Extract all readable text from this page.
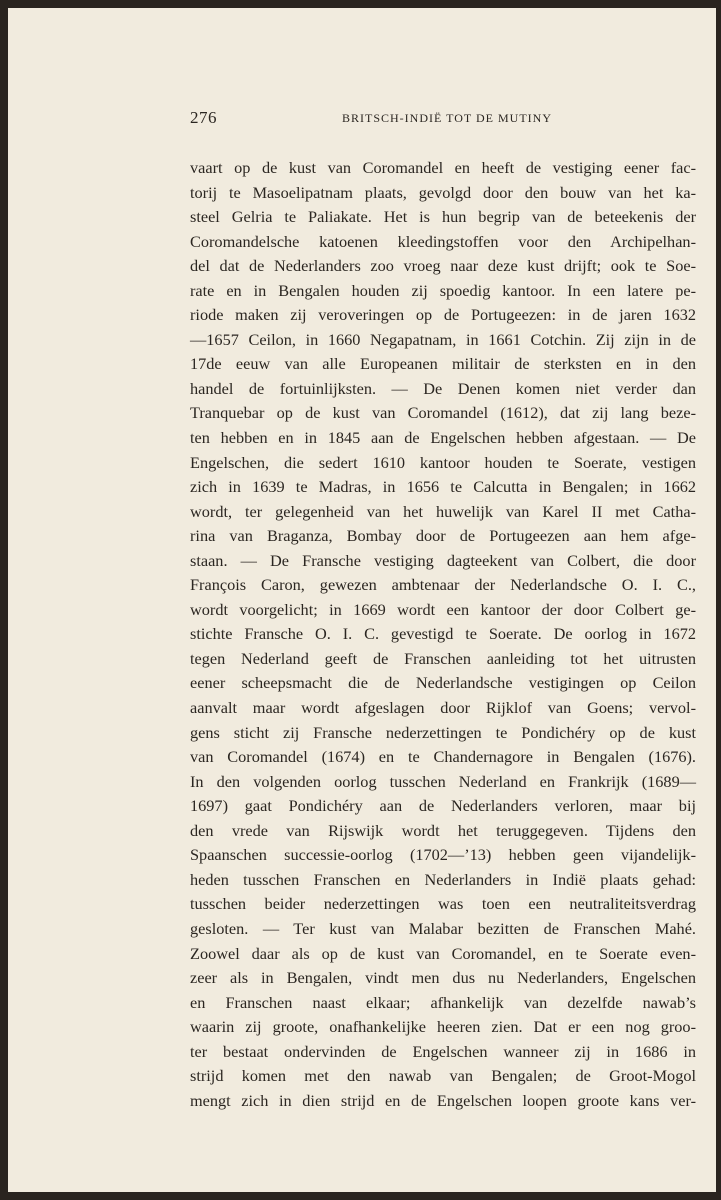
276	BRITSCH-INDIË TOT DE MUTINY
vaart op de kust van Coromandel en heeft de vestiging eener fac-
torij te Masoelipatnam plaats, gevolgd door den bouw van het ka-
steel Gelria te Paliakate. Het is hun begrip van de beteekenis der
Coromandelsche katoenen kleedingstoffen voor den Archipelhan-
del dat de Nederlanders zoo vroeg naar deze kust drijft; ook te Soe-
rate en in Bengalen houden zij spoedig kantoor. In een latere pe-
riode maken zij veroveringen op de Portugeezen: in de jaren 1632
—1657 Ceilon, in 1660 Negapatnam, in 1661 Cotchin. Zij zijn in de
17de eeuw van alle Europeanen militair de sterksten en in den
handel de fortuinlijksten. — De Denen komen niet verder dan
Tranquebar op de kust van Coromandel (1612), dat zij lang beze-
ten hebben en in 1845 aan de Engelschen hebben afgestaan. — De
Engelschen, die sedert 1610 kantoor houden te Soerate, vestigen
zich in 1639 te Madras, in 1656 te Calcutta in Bengalen; in 1662
wordt, ter gelegenheid van het huwelijk van Karel II met Catha-
rina van Braganza, Bombay door de Portugeezen aan hem afge-
staan. — De Fransche vestiging dagteekent van Colbert, die door
François Caron, gewezen ambtenaar der Nederlandsche O. I. C.,
wordt voorgelicht; in 1669 wordt een kantoor der door Colbert ge-
stichte Fransche O. I. C. gevestigd te Soerate. De oorlog in 1672
tegen Nederland geeft de Franschen aanleiding tot het uitrusten
eener scheepsmacht die de Nederlandsche vestigingen op Ceilon
aanvalt maar wordt afgeslagen door Rijklof van Goens; vervol-
gens sticht zij Fransche nederzettingen te Pondichéry op de kust
van Coromandel (1674) en te Chandernagore in Bengalen (1676).
In den volgenden oorlog tusschen Nederland en Frankrijk (1689—
1697) gaat Pondichéry aan de Nederlanders verloren, maar bij
den vrede van Rijswijk wordt het teruggegeven. Tijdens den
Spaanschen successie-oorlog (1702—’13) hebben geen vijandelijk-
heden tusschen Franschen en Nederlanders in Indië plaats gehad:
tusschen beider nederzettingen was toen een neutraliteitsverdrag
gesloten. — Ter kust van Malabar bezitten de Franschen Mahé.
Zoowel daar als op de kust van Coromandel, en te Soerate even-
zeer als in Bengalen, vindt men dus nu Nederlanders, Engelschen
en Franschen naast elkaar; afhankelijk van dezelfde nawab’s
waarin zij groote, onafhankelijke heeren zien. Dat er een nog groo-
ter bestaat ondervinden de Engelschen wanneer zij in 1686 in
strijd komen met den nawab van Bengalen; de Groot-Mogol
mengt zich in dien strijd en de Engelschen loopen groote kans ver-
